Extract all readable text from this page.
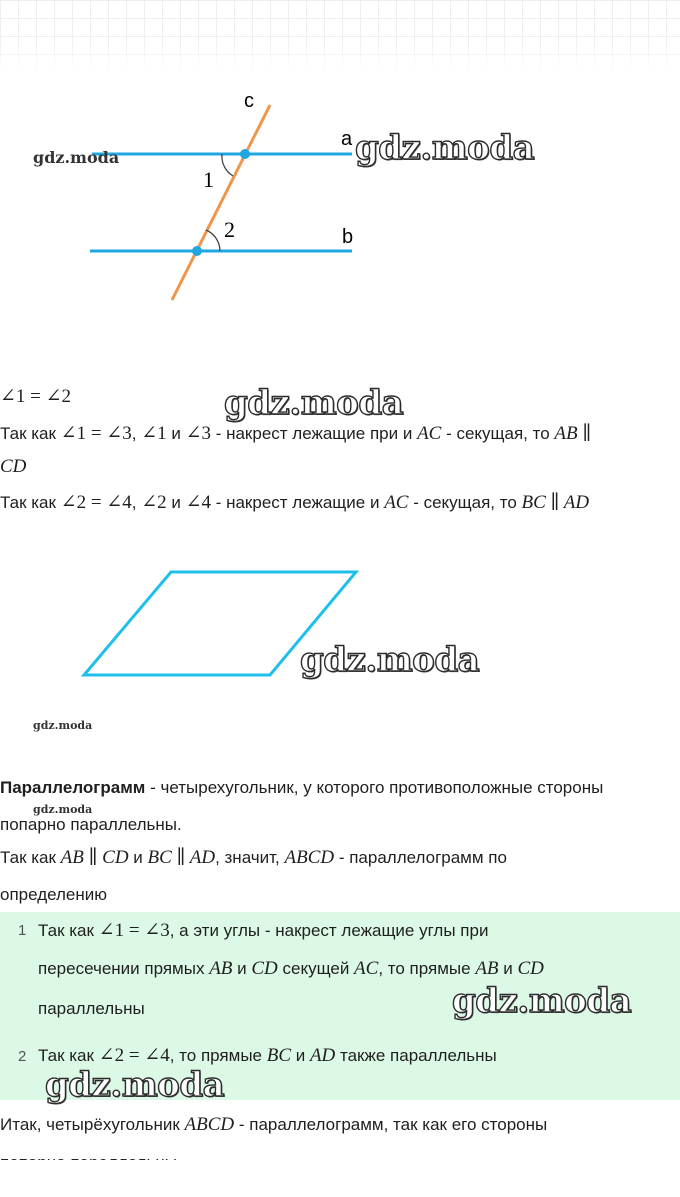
c
a
b
1
2
gdz.moda	gdz.moda

∠1 = ∠2

Так как ∠1 = ∠3, ∠1 и ∠3 - накрест лежащие при и AC - секущая, то AB ∥

CD

Так как ∠2 = ∠4, ∠2 и ∠4 - накрест лежащие и AC - секущая, то BC ∥ AD

gdz.moda
gdz.moda
gdz.moda

Параллелограмм - четырехугольник, у которого противоположные стороны

gdz.moda

попарно параллельны.

Так как AB ∥ CD и BC ∥ AD, значит, ABCD - параллелограмм по

определению

1 Так как ∠1 = ∠3, а эти углы - накрест лежащие углы при

пересечении прямых AB и CD секущей AC, то прямые AB и CD

параллельны	gdz.moda
2 Так как ∠2 = ∠4, то прямые BC и AD также параллельны

gdz.moda

Итак, четырёхугольник ABCD - параллелограмм, так как его стороны
